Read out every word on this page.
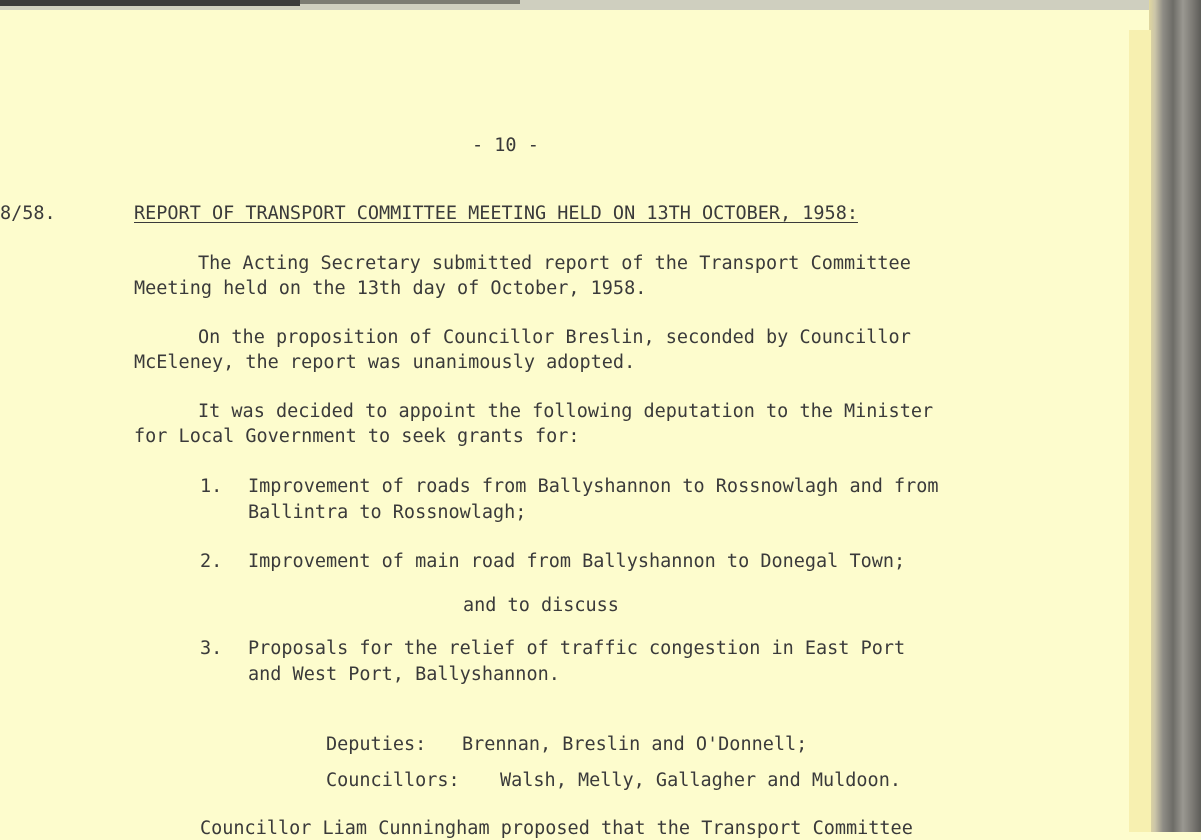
- 10 -
8/58.	REPORT OF TRANSPORT COMMITTEE MEETING HELD ON 13TH OCTOBER, 1958:
The Acting Secretary submitted report of the Transport Committee
Meeting held on the 13th day of October, 1958.
On the proposition of Councillor Breslin, seconded by Councillor
McEleney, the report was unanimously adopted.
It was decided to appoint the following deputation to the Minister
for Local Government to seek grants for:
1. Improvement of roads from Ballyshannon to Rossnowlagh and from
Ballintra to Rossnowlagh;
2. Improvement of main road from Ballyshannon to Donegal Town;
and to discuss
3. Proposals for the relief of traffic congestion in East Port
and West Port, Ballyshannon.
Deputies: Brennan, Breslin and O'Donnell;
Councillors: Walsh, Melly, Gallagher and Muldoon.
Councillor Liam Cunningham proposed that the Transport Committee
